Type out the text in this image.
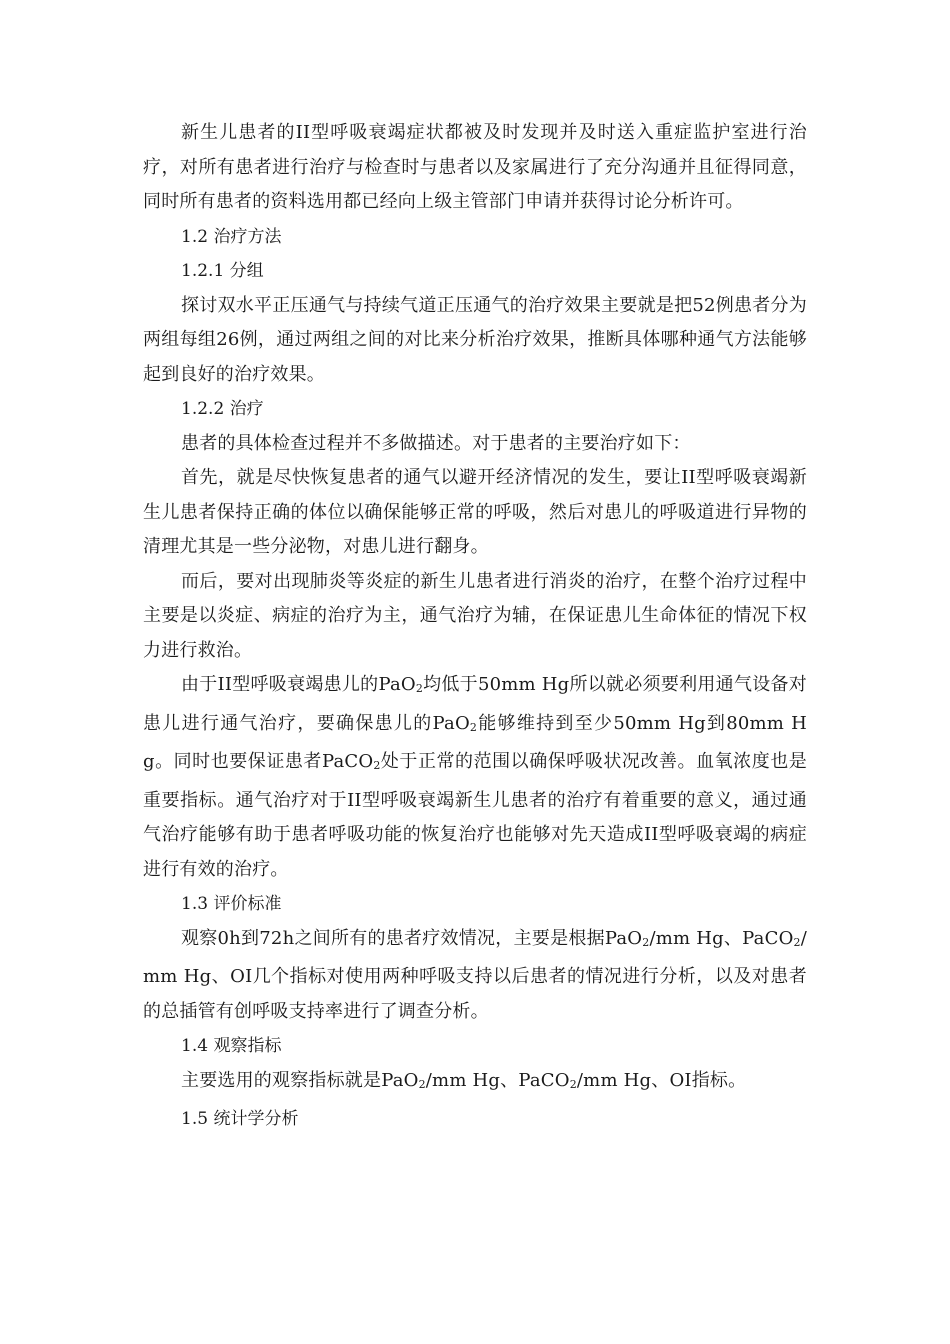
新生儿患者的II型呼吸衰竭症状都被及时发现并及时送入重症监护室进行治疗，对所有患者进行治疗与检查时与患者以及家属进行了充分沟通并且征得同意，同时所有患者的资料选用都已经向上级主管部门申请并获得讨论分析许可。

1.2 治疗方法

1.2.1 分组

探讨双水平正压通气与持续气道正压通气的治疗效果主要就是把52例患者分为两组每组26例，通过两组之间的对比来分析治疗效果，推断具体哪种通气方法能够起到良好的治疗效果。

1.2.2 治疗

患者的具体检查过程并不多做描述。对于患者的主要治疗如下：

首先，就是尽快恢复患者的通气以避开经济情况的发生，要让II型呼吸衰竭新生儿患者保持正确的体位以确保能够正常的呼吸，然后对患儿的呼吸道进行异物的清理尤其是一些分泌物，对患儿进行翻身。

而后，要对出现肺炎等炎症的新生儿患者进行消炎的治疗，在整个治疗过程中主要是以炎症、病症的治疗为主，通气治疗为辅，在保证患儿生命体征的情况下权力进行救治。

由于II型呼吸衰竭患儿的PaO2均低于50mm Hg所以就必须要利用通气设备对患儿进行通气治疗，要确保患儿的PaO2能够维持到至少50mm Hg到80mm Hg。同时也要保证患者PaCO2处于正常的范围以确保呼吸状况改善。血氧浓度也是重要指标。通气治疗对于II型呼吸衰竭新生儿患者的治疗有着重要的意义，通过通气治疗能够有助于患者呼吸功能的恢复治疗也能够对先天造成II型呼吸衰竭的病症进行有效的治疗。

1.3 评价标准

观察0h到72h之间所有的患者疗效情况，主要是根据PaO2/mm Hg、PaCO2/mm Hg、OI几个指标对使用两种呼吸支持以后患者的情况进行分析，以及对患者的总插管有创呼吸支持率进行了调查分析。

1.4 观察指标

主要选用的观察指标就是PaO2/mm Hg、PaCO2/mm Hg、OI指标。

1.5 统计学分析
